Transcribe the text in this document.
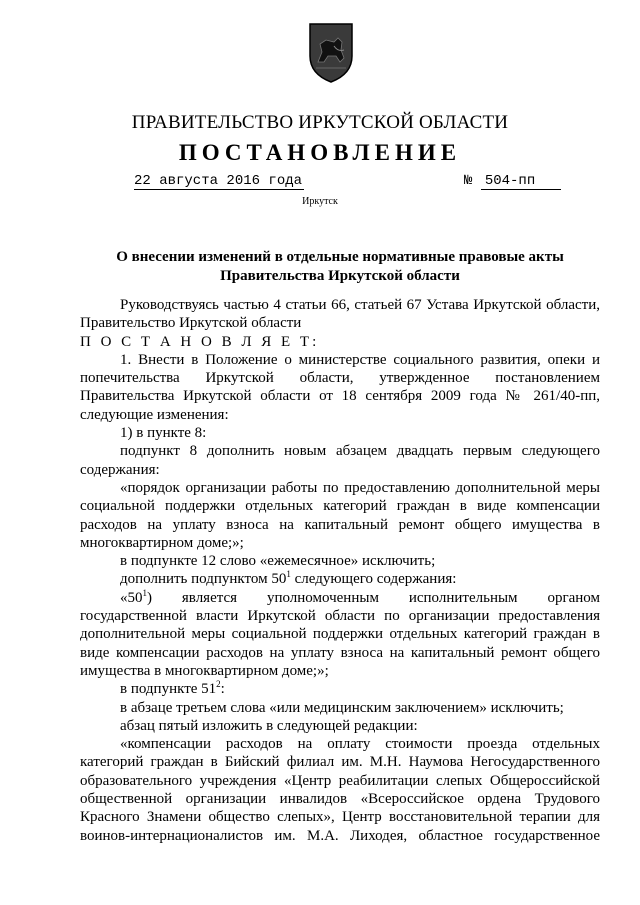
ПРАВИТЕЛЬСТВО ИРКУТСКОЙ ОБЛАСТИ
ПОСТАНОВЛЕНИЕ
22 августа 2016 года	№ 504-пп
Иркутск
О внесении изменений в отдельные нормативные правовые акты
Правительства Иркутской области

Руководствуясь частью 4 статьи 66, статьей 67 Устава Иркутской области, Правительство Иркутской области

П О С Т А Н О В Л Я Е Т:

1. Внести в Положение о министерстве социального развития, опеки и попечительства Иркутской области, утвержденное постановлением Правительства Иркутской области от 18 сентября 2009 года № 261/40-пп, следующие изменения:

1) в пункте 8:

подпункт 8 дополнить новым абзацем двадцать первым следующего содержания:

«порядок организации работы по предоставлению дополнительной меры социальной поддержки отдельных категорий граждан в виде компенсации расходов на уплату взноса на капитальный ремонт общего имущества в многоквартирном доме;»;

в подпункте 12 слово «ежемесячное» исключить;

дополнить подпунктом $50^1$ следующего содержания:

«$50^1$) является уполномоченным исполнительным органом государственной власти Иркутской области по организации предоставления дополнительной меры социальной поддержки отдельных категорий граждан в виде компенсации расходов на уплату взноса на капитальный ремонт общего имущества в многоквартирном доме;»;

в подпункте $51^2$:

в абзаце третьем слова «или медицинским заключением» исключить;

абзац пятый изложить в следующей редакции:

«компенсации расходов на оплату стоимости проезда отдельных категорий граждан в Бийский филиал им. М.Н. Наумова Негосударственного образовательного учреждения «Центр реабилитации слепых Общероссийской общественной организации инвалидов «Всероссийское ордена Трудового Красного Знамени общество слепых», Центр восстановительной терапии для воинов-интернационалистов им. М.А. Лиходея, областное государственное
